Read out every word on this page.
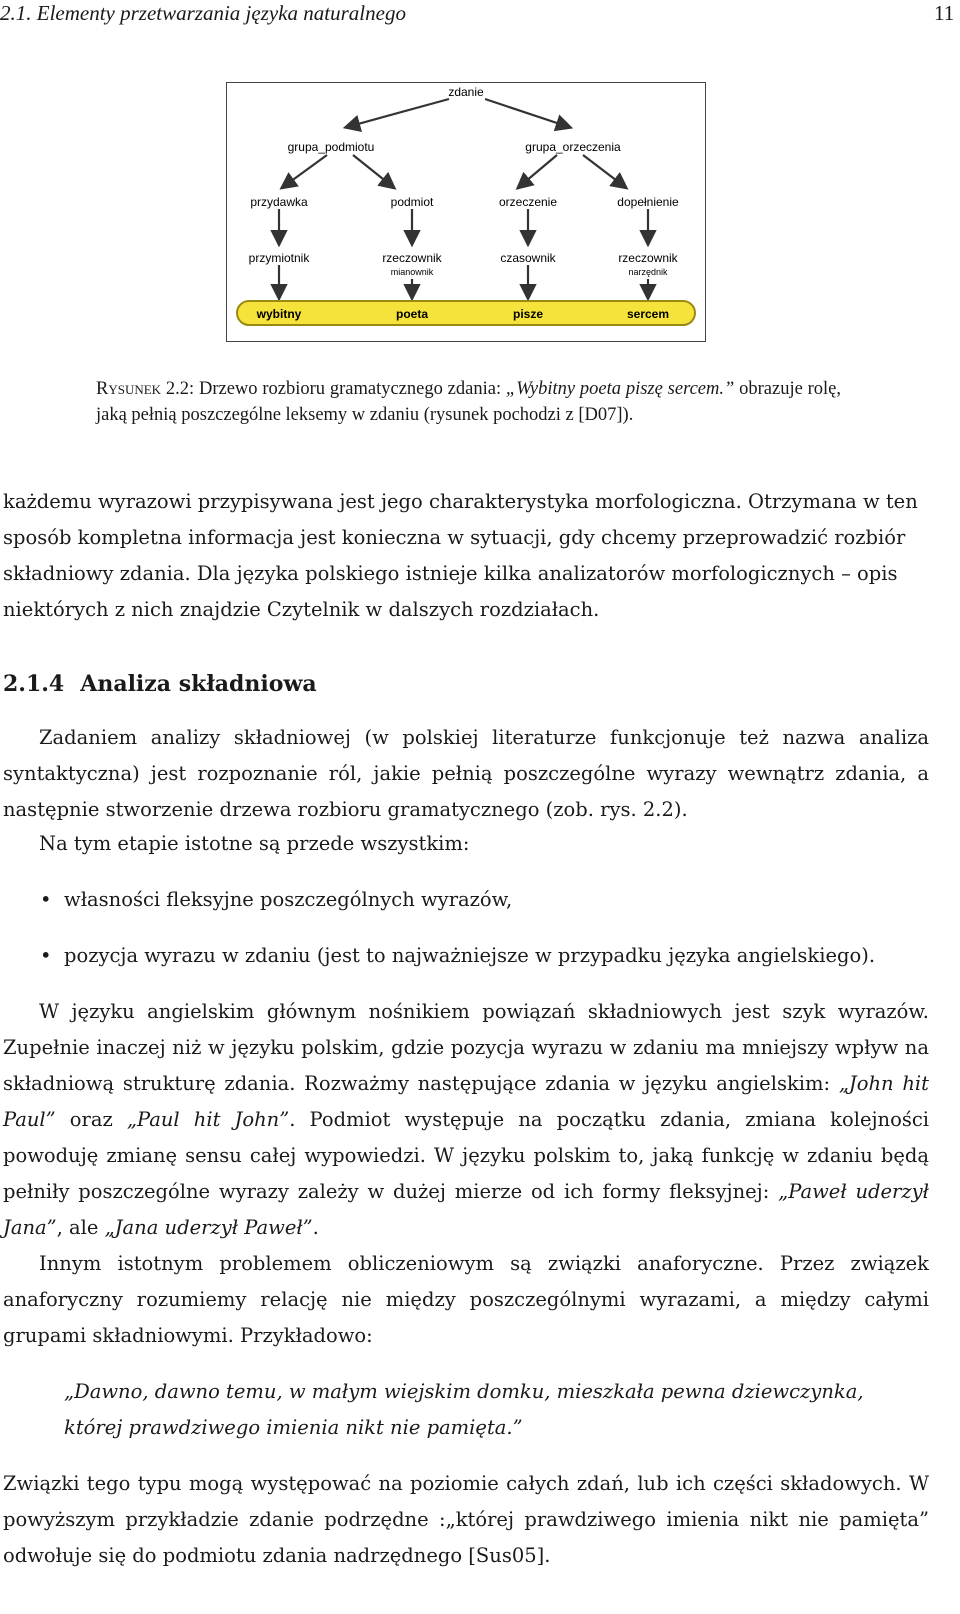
2.1. Elementy przetwarzania języka naturalnego	11
zdanie
grupa_podmiotu	grupa_orzeczenia
przydawka	podmiot	orzeczenie	dopełnienie
przymiotnik	rzeczownik	czasownik	rzeczownik
mianownik	narzędnik
wybitny	poeta	pisze	sercem
Rysunek 2.2: Drzewo rozbioru gramatycznego zdania: „Wybitny poeta piszę sercem.” obrazuje rolę, jaką pełnią poszczególne leksemy w zdaniu (rysunek pochodzi z [D07]).
każdemu wyrazowi przypisywana jest jego charakterystyka morfologiczna. Otrzymana w ten sposób kompletna informacja jest konieczna w sytuacji, gdy chcemy przeprowadzić rozbiór składniowy zdania. Dla języka polskiego istnieje kilka analizatorów morfologicznych – opis niektórych z nich znajdzie Czytelnik w dalszych rozdziałach.
2.1.4 Analiza składniowa
Zadaniem analizy składniowej (w polskiej literaturze funkcjonuje też nazwa analiza syntaktyczna) jest rozpoznanie ról, jakie pełnią poszczególne wyrazy wewnątrz zdania, a następnie stworzenie drzewa rozbioru gramatycznego (zob. rys. 2.2).
Na tym etapie istotne są przede wszystkim:
• własności fleksyjne poszczególnych wyrazów,
• pozycja wyrazu w zdaniu (jest to najważniejsze w przypadku języka angielskiego).
W języku angielskim głównym nośnikiem powiązań składniowych jest szyk wyrazów. Zupełnie inaczej niż w języku polskim, gdzie pozycja wyrazu w zdaniu ma mniejszy wpływ na składniową strukturę zdania. Rozważmy następujące zdania w języku angielskim: „John hit Paul” oraz „Paul hit John”. Podmiot występuje na początku zdania, zmiana kolejności powoduję zmianę sensu całej wypowiedzi. W języku polskim to, jaką funkcję w zdaniu będą pełniły poszczególne wyrazy zależy w dużej mierze od ich formy fleksyjnej: „Paweł uderzył Jana”, ale „Jana uderzył Paweł”.
Innym istotnym problemem obliczeniowym są związki anaforyczne. Przez związek anaforyczny rozumiemy relację nie między poszczególnymi wyrazami, a między całymi grupami składniowymi. Przykładowo:
„Dawno, dawno temu, w małym wiejskim domku, mieszkała pewna dziewczynka, której prawdziwego imienia nikt nie pamięta.”
Związki tego typu mogą występować na poziomie całych zdań, lub ich części składowych. W powyższym przykładzie zdanie podrzędne :„której prawdziwego imienia nikt nie pamięta” odwołuje się do podmiotu zdania nadrzędnego [Sus05].
